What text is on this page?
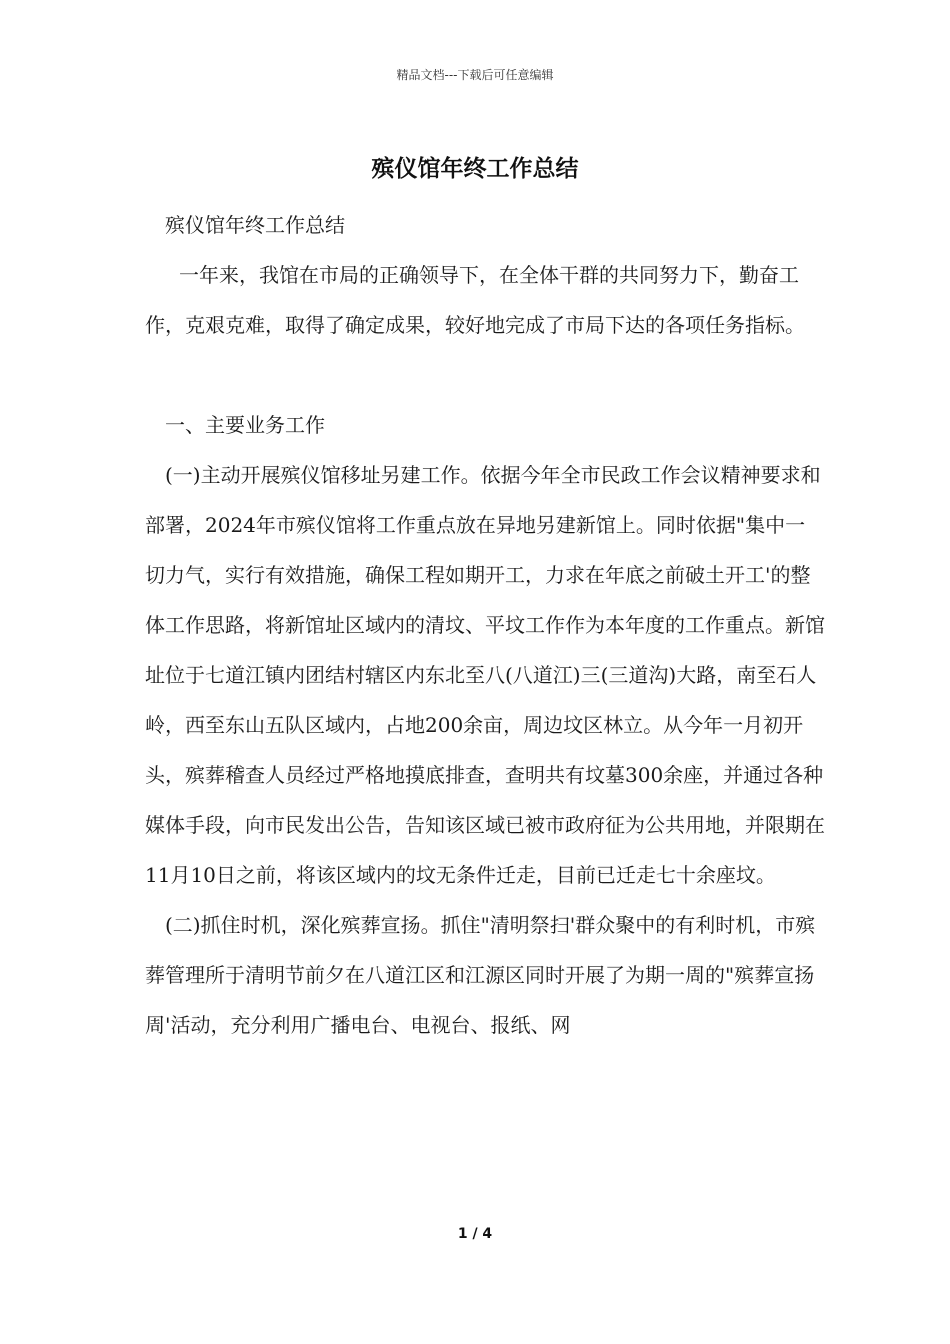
精品文档---下载后可任意编辑
殡仪馆年终工作总结

殡仪馆年终工作总结

一年来，我馆在市局的正确领导下，在全体干群的共同努力下，勤奋工作，克艰克难，取得了确定成果，较好地完成了市局下达的各项任务指标。

一、主要业务工作

(一)主动开展殡仪馆移址另建工作。依据今年全市民政工作会议精神要求和部署，2024年市殡仪馆将工作重点放在异地另建新馆上。同时依据"集中一切力气，实行有效措施，确保工程如期开工，力求在年底之前破土开工'的整体工作思路，将新馆址区域内的清坟、平坟工作作为本年度的工作重点。新馆址位于七道江镇内团结村辖区内东北至八(八道江)三(三道沟)大路，南至石人岭，西至东山五队区域内，占地200余亩，周边坟区林立。从今年一月初开头，殡葬稽查人员经过严格地摸底排查，查明共有坟墓300余座，并通过各种媒体手段，向市民发出公告，告知该区域已被市政府征为公共用地，并限期在11月10日之前，将该区域内的坟无条件迁走，目前已迁走七十余座坟。

(二)抓住时机，深化殡葬宣扬。抓住"清明祭扫'群众聚中的有利时机，市殡葬管理所于清明节前夕在八道江区和江源区同时开展了为期一周的"殡葬宣扬周'活动，充分利用广播电台、电视台、报纸、网

1 / 4
